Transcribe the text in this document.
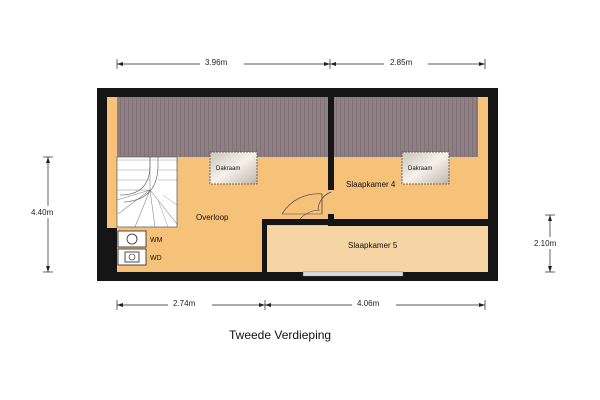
Dakraam	Dakraam
WM
WD
Overloop
Slaapkamer 4
Slaapkamer 5
3.96m	2.85m
2.74m	4.06m
4.40m
2.10m
Tweede Verdieping
